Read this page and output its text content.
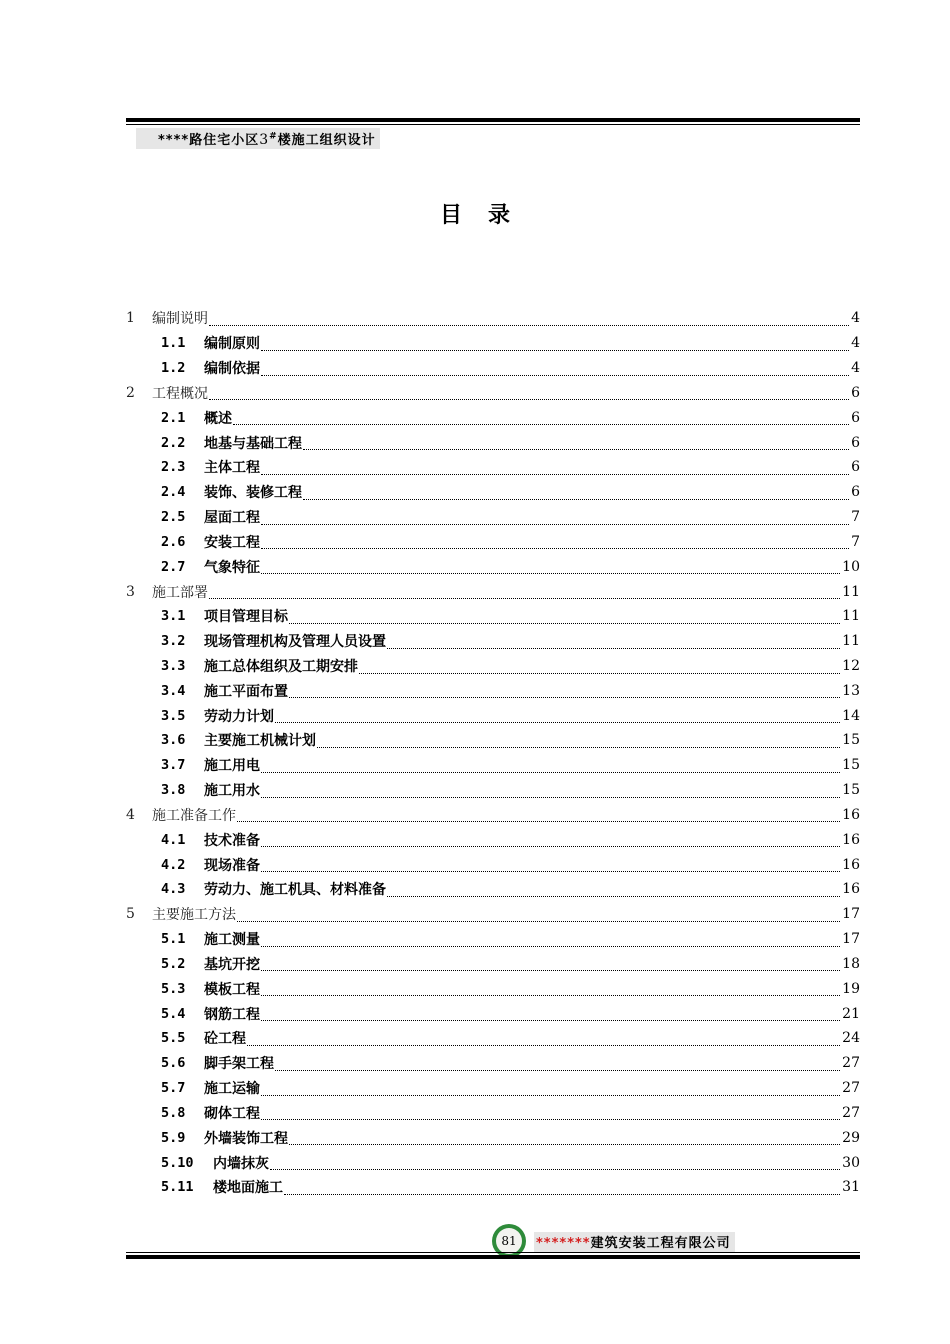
****路住宅小区3#楼施工组织设计
目录
1	编制说明	4
1.1	编制原则	4
1.2	编制依据	4
2	工程概况	6
2.1	概述	6
2.2	地基与基础工程	6
2.3	主体工程	6
2.4	装饰、装修工程	6
2.5	屋面工程	7
2.6	安装工程	7
2.7	气象特征	10
3	施工部署	11
3.1	项目管理目标	11
3.2	现场管理机构及管理人员设置	11
3.3	施工总体组织及工期安排	12
3.4	施工平面布置	13
3.5	劳动力计划	14
3.6	主要施工机械计划	15
3.7	施工用电	15
3.8	施工用水	15
4	施工准备工作	16
4.1	技术准备	16
4.2	现场准备	16
4.3	劳动力、施工机具、材料准备	16
5	主要施工方法	17
5.1	施工测量	17
5.2	基坑开挖	18
5.3	模板工程	19
5.4	钢筋工程	21
5.5	砼工程	24
5.6	脚手架工程	27
5.7	施工运输	27
5.8	砌体工程	27
5.9	外墙装饰工程	29
5.10	内墙抹灰	30
5.11	楼地面施工	31
81	*******建筑安装工程有限公司
